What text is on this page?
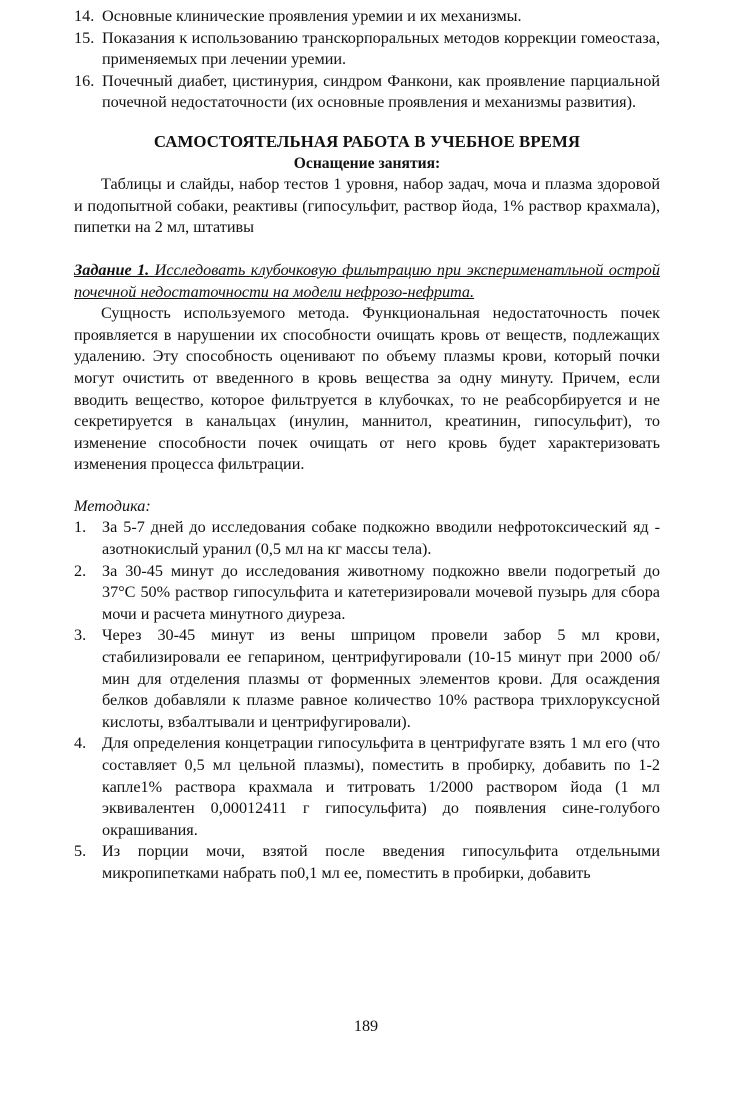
14. Основные клинические проявления уремии и их механизмы.
15. Показания к использованию транскорпоральных методов коррекции гомеостаза, применяемых при лечении уремии.
16. Почечный диабет, цистинурия, синдром Фанкони, как проявление парциальной почечной недостаточности (их основные проявления и механизмы развития).
САМОСТОЯТЕЛЬНАЯ РАБОТА В УЧЕБНОЕ ВРЕМЯ
Оснащение занятия:

Таблицы и слайды, набор тестов 1 уровня, набор задач, моча и плазма здоровой и подопытной собаки, реактивы (гипосульфит, раствор йода, 1% раствор крахмала), пипетки на 2 мл, штативы

Задание 1. Исследовать клубочковую фильтрацию при эксперименатльной острой почечной недостаточности на модели нефрозо-нефрита.

Сущность используемого метода. Функциональная недостаточность почек проявляется в нарушении их способности очищать кровь от веществ, подлежащих удалению. Эту способность оценивают по объему плазмы крови, который почки могут очистить от введенного в кровь вещества за одну минуту. Причем, если вводить вещество, которое фильтруется в клубочках, то не реабсорбируется и не секретируется в канальцах (инулин, маннитол, креатинин, гипосульфит), то изменение способности почек очищать от него кровь будет характеризовать изменения процесса фильтрации.

Методика:
1. За 5-7 дней до исследования собаке подкожно вводили нефротоксический яд - азотнокислый уранил (0,5 мл на кг массы тела).
2. За 30-45 минут до исследования животному подкожно ввели подогретый до 37°С 50% раствор гипосульфита и катетеризировали мочевой пузырь для сбора мочи и расчета минутного диуреза.
3. Через 30-45 минут из вены шприцом провели забор 5 мл крови, стабилизировали ее гепарином, центрифугировали (10-15 минут при 2000 об/мин для отделения плазмы от форменных элементов крови. Для осаждения белков добавляли к плазме равное количество 10% раствора трихлоруксусной кислоты, взбалтывали и центрифугировали).
4. Для определения концетрации гипосульфита в центрифугате взять 1 мл его (что составляет 0,5 мл цельной плазмы), поместить в пробирку, добавить по 1-2 капле1% раствора крахмала и титровать 1/2000 раствором йода (1 мл эквивалентен 0,00012411 г гипосульфита) до появления сине-голубого окрашивания.
5. Из порции мочи, взятой после введения гипосульфита отдельными микропипетками набрать по0,1 мл ее, поместить в пробирки, добавить
189
